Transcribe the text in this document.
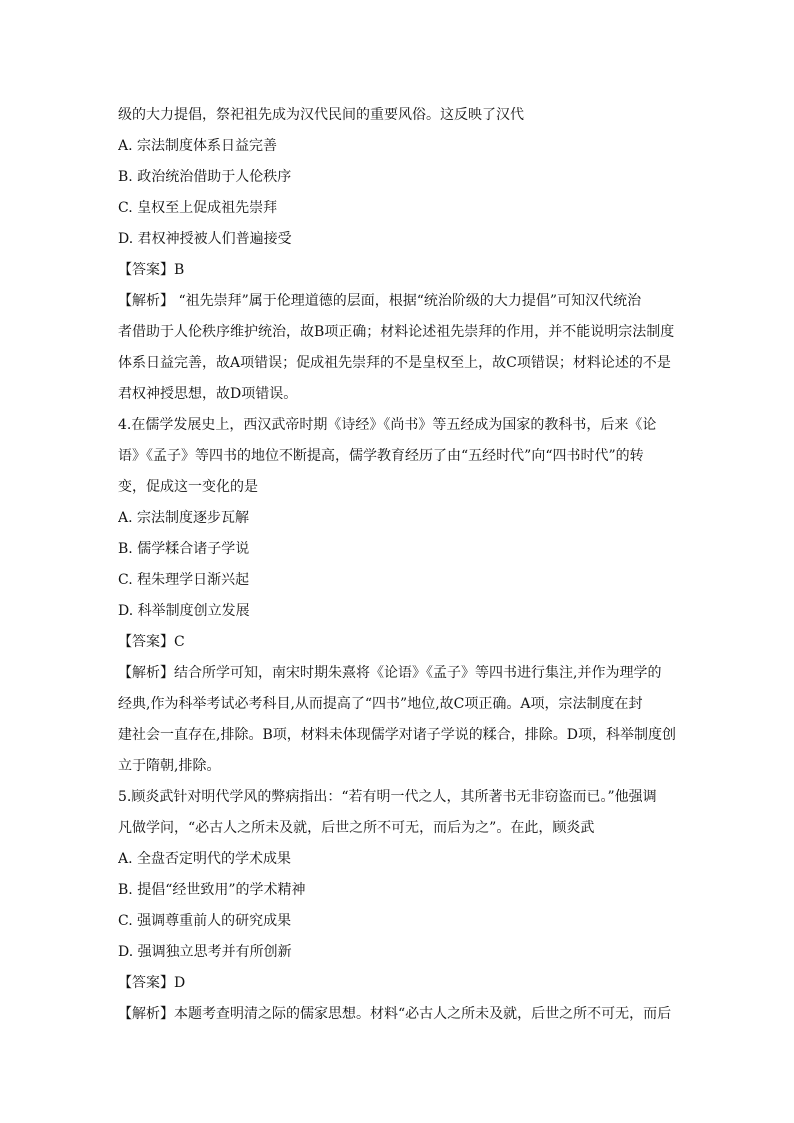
级的大力提倡，祭祀祖先成为汉代民间的重要风俗。这反映了汉代
A. 宗法制度体系日益完善
B. 政治统治借助于人伦秩序
C. 皇权至上促成祖先崇拜
D. 君权神授被人们普遍接受
【答案】B
【解析】 “祖先崇拜”属于伦理道德的层面，根据“统治阶级的大力提倡”可知汉代统治
者借助于人伦秩序维护统治，故B项正确；材料论述祖先崇拜的作用，并不能说明宗法制度
体系日益完善，故A项错误；促成祖先崇拜的不是皇权至上，故C项错误；材料论述的不是
君权神授思想，故D项错误。
4.在儒学发展史上，西汉武帝时期《诗经》《尚书》等五经成为国家的教科书，后来《论
语》《孟子》等四书的地位不断提高，儒学教育经历了由“五经时代”向“四书时代”的转
变，促成这一变化的是
A. 宗法制度逐步瓦解
B. 儒学糅合诸子学说
C. 程朱理学日渐兴起
D. 科举制度创立发展
【答案】C
【解析】结合所学可知，南宋时期朱熹将《论语》《孟子》等四书进行集注,并作为理学的
经典,作为科举考试必考科目,从而提高了“四书”地位,故C项正确。A项，宗法制度在封
建社会一直存在,排除。B项，材料未体现儒学对诸子学说的糅合，排除。D项，科举制度创
立于隋朝,排除。
5.顾炎武针对明代学风的弊病指出：“若有明一代之人，其所著书无非窃盗而已。”他强调
凡做学问，“必古人之所未及就，后世之所不可无，而后为之”。在此，顾炎武
A. 全盘否定明代的学术成果
B. 提倡“经世致用”的学术精神
C. 强调尊重前人的研究成果
D. 强调独立思考并有所创新
【答案】D
【解析】本题考查明清之际的儒家思想。材料“必古人之所未及就，后世之所不可无，而后
